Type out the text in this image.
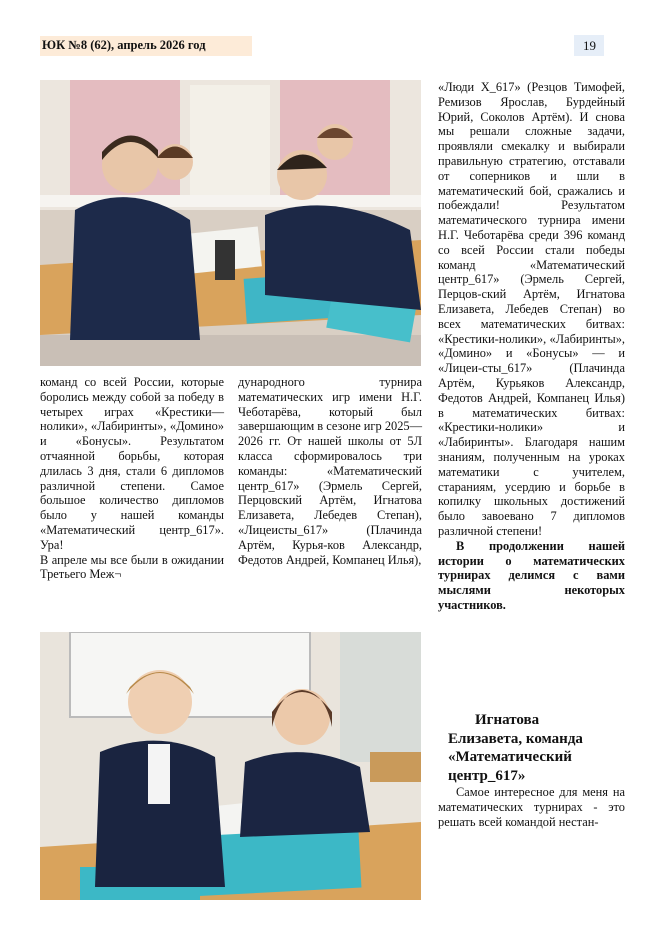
ЮК №8 (62), апрель 2026 год	19

команд со всей России, которые боролись между собой за победу в четырех играх «Крестики—нолики», «Лабиринты», «Домино» и «Бонусы». Результатом отчаянной борьбы, которая длилась 3 дня, стали 6 дипломов различной степени. Самое большое количество дипломов было у нашей команды «Математический центр_617». Ура!

В апреле мы все были в ожидании Третьего Меж¬

дународного турнира математических игр имени Н.Г. Чеботарёва, который был завершающим в сезоне игр 2025—2026 гг. От нашей школы от 5Л класса сформировалось три команды: «Математический центр_617» (Эрмель Сергей, Перцовский Артём, Игнатова Елизавета, Лебедев Степан), «Лицеисты_617» (Плачинда Артём, Курья-ков Александр, Федотов Андрей, Компанец Илья),

«Люди X_617» (Резцов Тимофей, Ремизов Ярослав, Бурдейный Юрий, Соколов Артём). И снова мы решали сложные задачи, проявляли смекалку и выбирали правильную стратегию, отставали от соперников и шли в математический бой, сражались и побеждали! Результатом математического турнира имени Н.Г. Чеботарёва среди 396 команд со всей России стали победы команд «Математический центр_617» (Эрмель Сергей, Перцов-ский Артём, Игнатова Елизавета, Лебедев Степан) во всех математических битвах: «Крестики-нолики», «Лабиринты», «Домино» и «Бонусы» — и «Лицеи-сты_617» (Плачинда Артём, Курьяков Александр, Федотов Андрей, Компанец Илья) в математических битвах: «Крестики-нолики» и «Лабиринты». Благодаря нашим знаниям, полученным на уроках математики с учителем, стараниям, усердию и борьбе в копилку школьных достижений было завоевано 7 дипломов различной степени!

В продолжении нашей истории о математических турнирах делимся с вами мыслями некоторых участников.

Игнатова
Елизавета, команда «Математический центр_617»

Самое интересное для меня на математических турнирах - это решать всей командой нестан-
